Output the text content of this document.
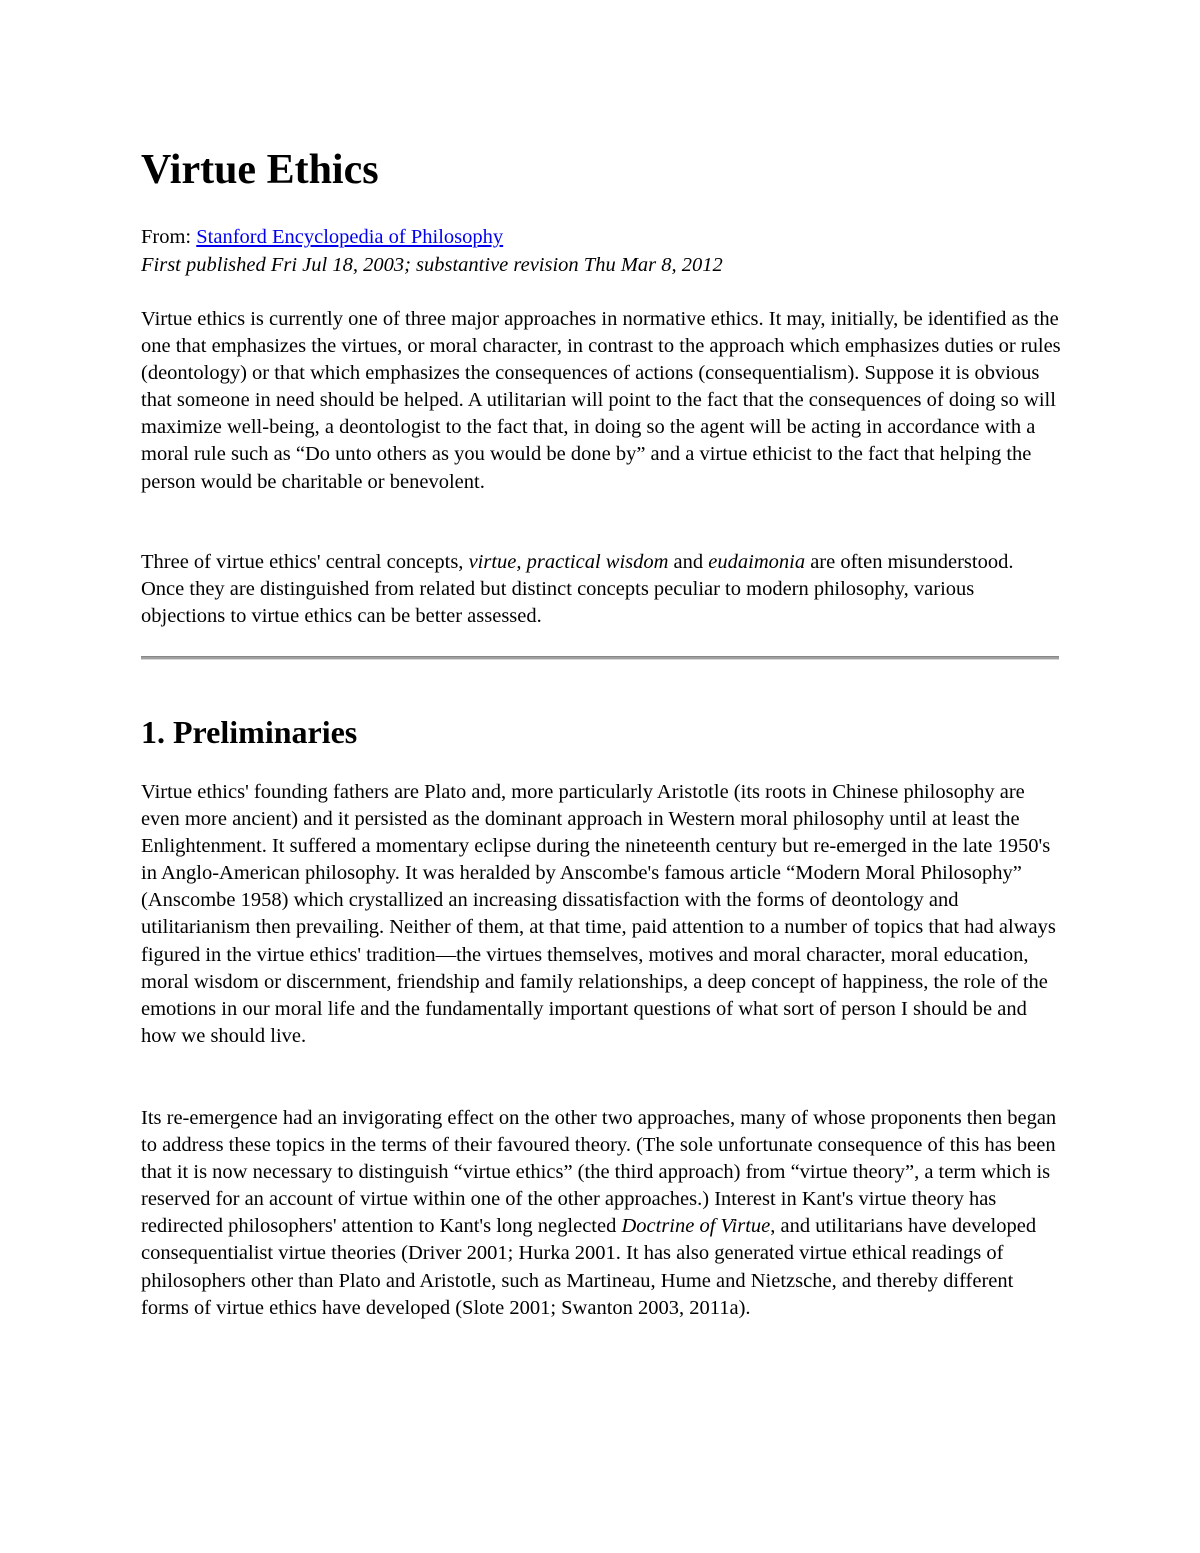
Virtue Ethics
From: Stanford Encyclopedia of Philosophy
First published Fri Jul 18, 2003; substantive revision Thu Mar 8, 2012

Virtue ethics is currently one of three major approaches in normative ethics. It may, initially, be identified as the one that emphasizes the virtues, or moral character, in contrast to the approach which emphasizes duties or rules (deontology) or that which emphasizes the consequences of actions (consequentialism). Suppose it is obvious that someone in need should be helped. A utilitarian will point to the fact that the consequences of doing so will maximize well-being, a deontologist to the fact that, in doing so the agent will be acting in accordance with a moral rule such as “Do unto others as you would be done by” and a virtue ethicist to the fact that helping the person would be charitable or benevolent.

Three of virtue ethics' central concepts, virtue, practical wisdom and eudaimonia are often misunderstood. Once they are distinguished from related but distinct concepts peculiar to modern philosophy, various objections to virtue ethics can be better assessed.

1. Preliminaries

Virtue ethics' founding fathers are Plato and, more particularly Aristotle (its roots in Chinese philosophy are even more ancient) and it persisted as the dominant approach in Western moral philosophy until at least the Enlightenment. It suffered a momentary eclipse during the nineteenth century but re-emerged in the late 1950's in Anglo-American philosophy. It was heralded by Anscombe's famous article “Modern Moral Philosophy” (Anscombe 1958) which crystallized an increasing dissatisfaction with the forms of deontology and utilitarianism then prevailing. Neither of them, at that time, paid attention to a number of topics that had always figured in the virtue ethics' tradition—the virtues themselves, motives and moral character, moral education, moral wisdom or discernment, friendship and family relationships, a deep concept of happiness, the role of the emotions in our moral life and the fundamentally important questions of what sort of person I should be and how we should live.

Its re-emergence had an invigorating effect on the other two approaches, many of whose proponents then began to address these topics in the terms of their favoured theory. (The sole unfortunate consequence of this has been that it is now necessary to distinguish “virtue ethics” (the third approach) from “virtue theory”, a term which is reserved for an account of virtue within one of the other approaches.) Interest in Kant's virtue theory has redirected philosophers' attention to Kant's long neglected Doctrine of Virtue, and utilitarians have developed consequentialist virtue theories (Driver 2001; Hurka 2001. It has also generated virtue ethical readings of philosophers other than Plato and Aristotle, such as Martineau, Hume and Nietzsche, and thereby different forms of virtue ethics have developed (Slote 2001; Swanton 2003, 2011a).
